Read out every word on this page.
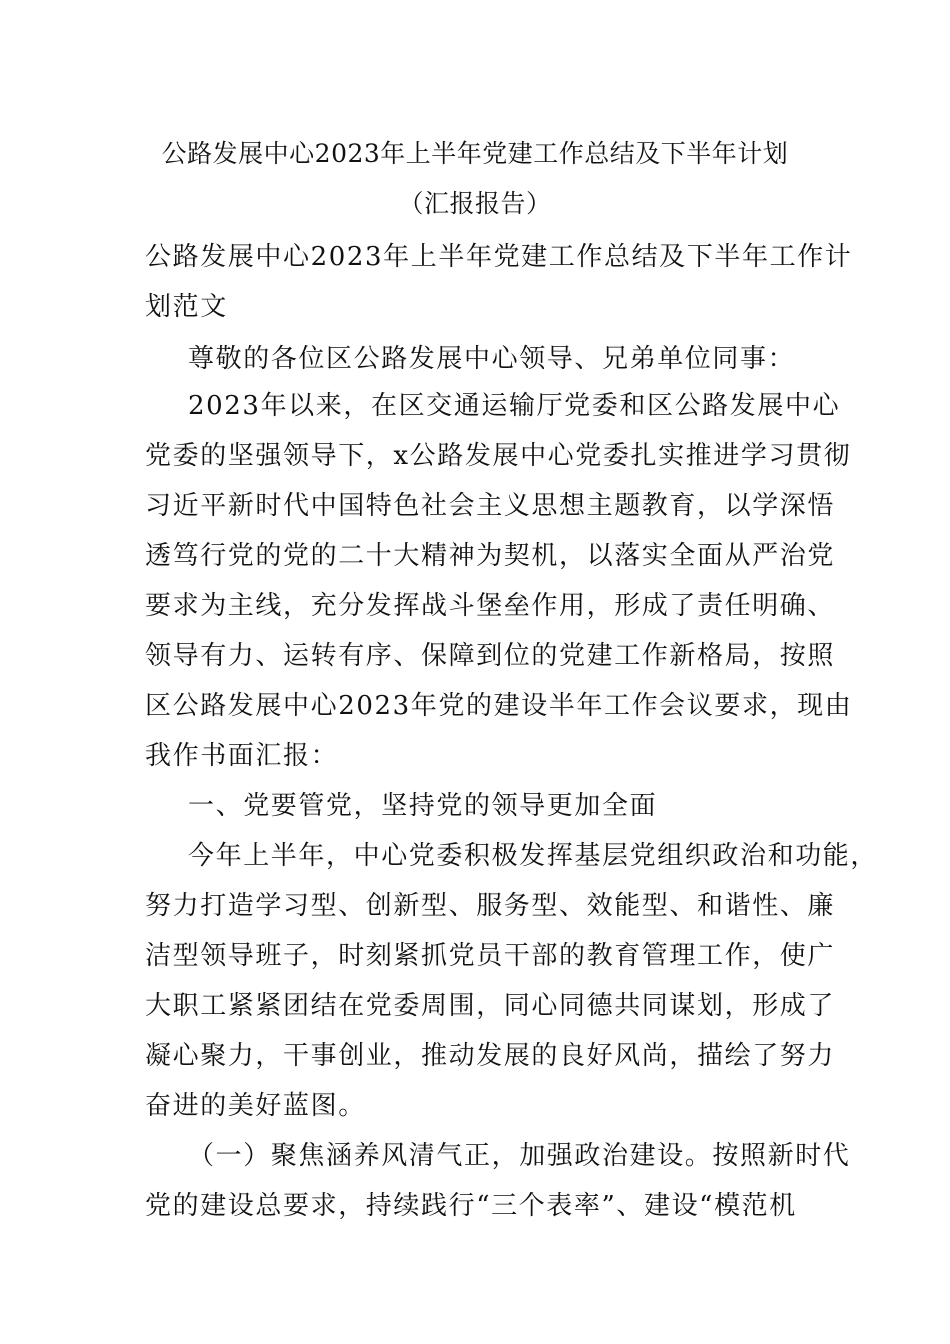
公路发展中心2023年上半年党建工作总结及下半年计划
（汇报报告）
公路发展中心2023年上半年党建工作总结及下半年工作计
划范文
尊敬的各位区公路发展中心领导、兄弟单位同事：
2023年以来，在区交通运输厅党委和区公路发展中心
党委的坚强领导下，x公路发展中心党委扎实推进学习贯彻
习近平新时代中国特色社会主义思想主题教育，以学深悟
透笃行党的党的二十大精神为契机，以落实全面从严治党
要求为主线，充分发挥战斗堡垒作用，形成了责任明确、
领导有力、运转有序、保障到位的党建工作新格局，按照
区公路发展中心2023年党的建设半年工作会议要求，现由
我作书面汇报：
一、党要管党，坚持党的领导更加全面
今年上半年，中心党委积极发挥基层党组织政治和功能，
努力打造学习型、创新型、服务型、效能型、和谐性、廉
洁型领导班子，时刻紧抓党员干部的教育管理工作，使广
大职工紧紧团结在党委周围，同心同德共同谋划，形成了
凝心聚力，干事创业，推动发展的良好风尚，描绘了努力
奋进的美好蓝图。
（一）聚焦涵养风清气正，加强政治建设。按照新时代
党的建设总要求，持续践行“三个表率”、建设“模范机
